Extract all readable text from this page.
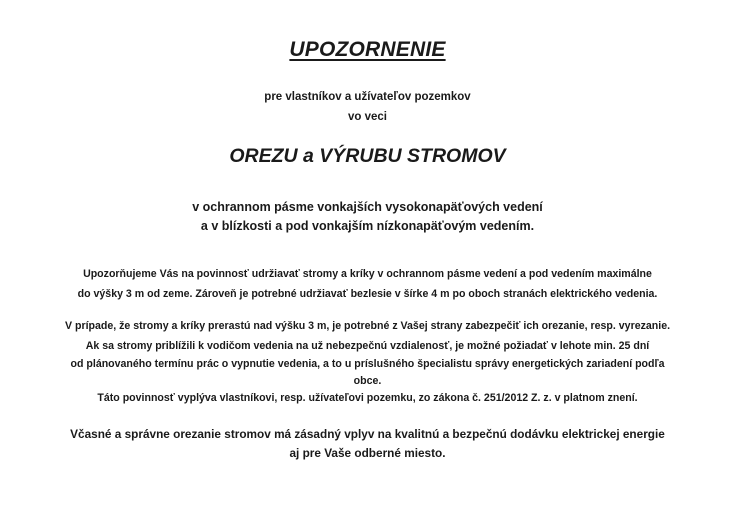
UPOZORNENIE
pre vlastníkov a užívateľov pozemkov
vo veci
OREZU a VÝRUBU STROMOV
v ochrannom pásme vonkajších vysokonapäťových vedení
a v blízkosti a pod vonkajším nízkonapäťovým vedením.
Upozorňujeme Vás na povinnosť udržiavať stromy a kríky v ochrannom pásme vedení a pod vedením maximálne
do výšky 3 m od zeme. Zároveň je potrebné udržiavať bezlesie v šírke 4 m po oboch stranách elektrického vedenia.
V prípade, že stromy a kríky prerastú nad výšku 3 m, je potrebné z Vašej strany zabezpečiť ich orezanie, resp. vyrezanie.
Ak sa stromy priblížili k vodičom vedenia na už nebezpečnú vzdialenosť, je možné požiadať v lehote min. 25 dní
od plánovaného termínu prác o vypnutie vedenia, a to u príslušného špecialistu správy energetických zariadení podľa
obce.
Táto povinnosť vyplýva vlastníkovi, resp. užívateľovi pozemku, zo zákona č. 251/2012 Z. z. v platnom znení.
Včasné a správne orezanie stromov má zásadný vplyv na kvalitnú a bezpečnú dodávku elektrickej energie
aj pre Vaše odberné miesto.
